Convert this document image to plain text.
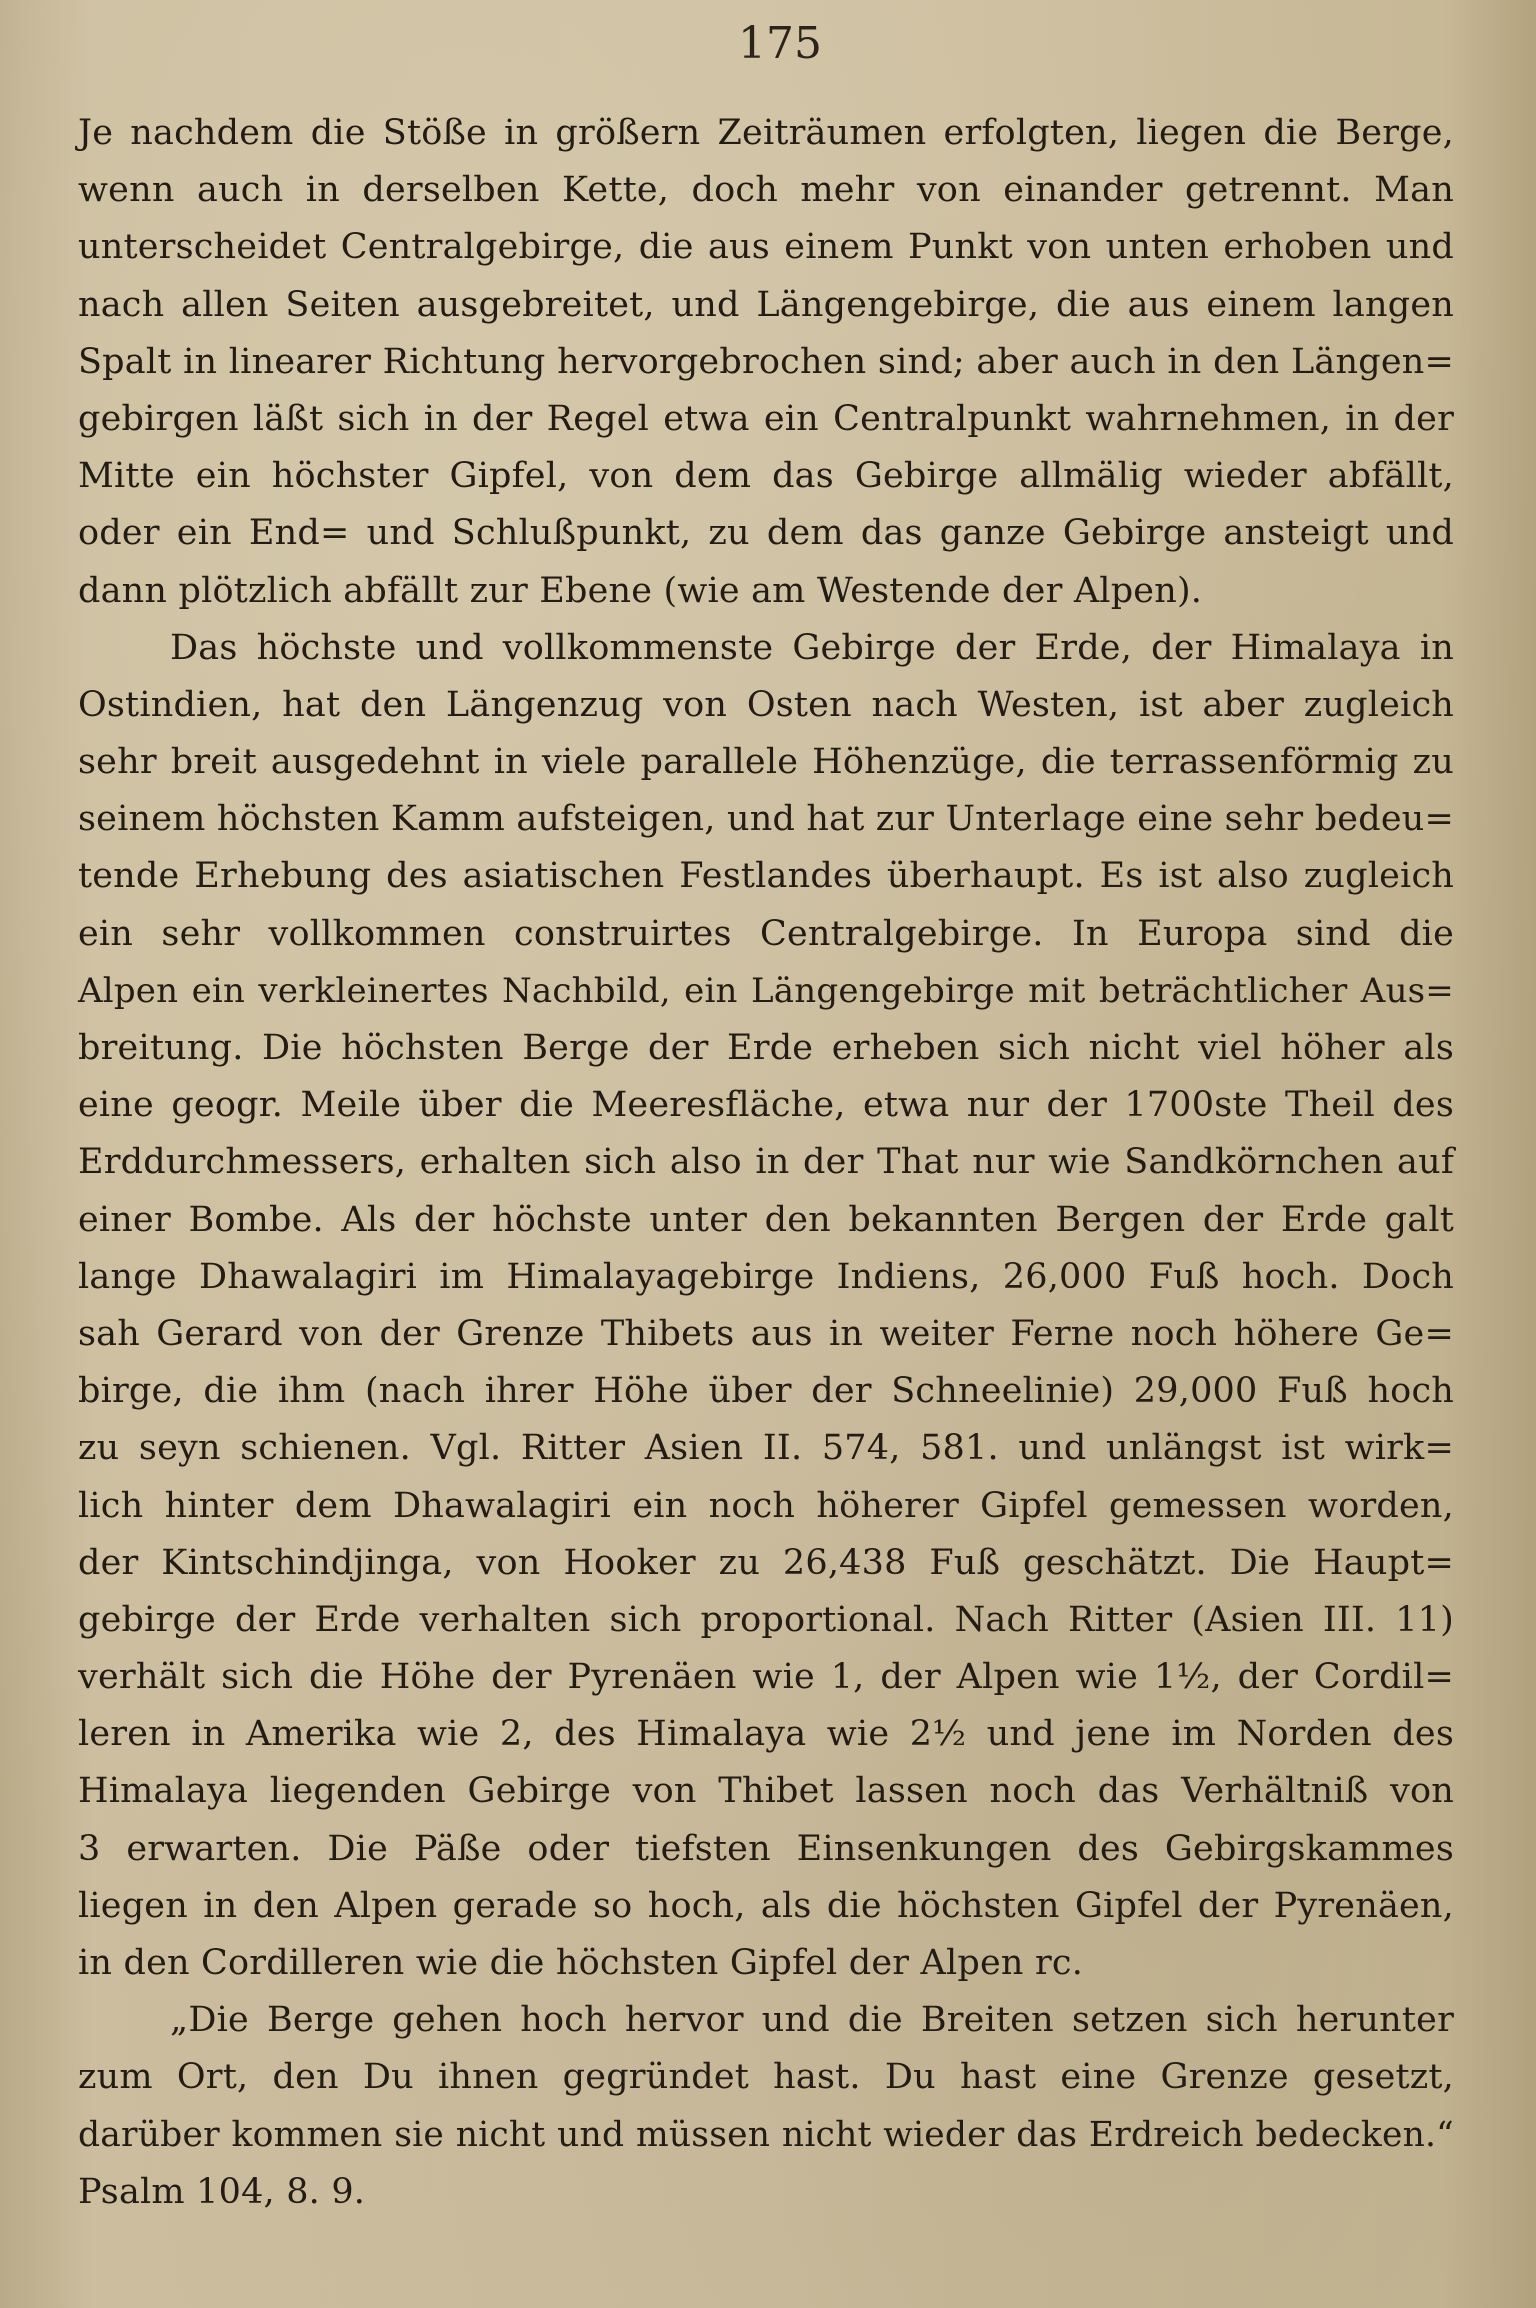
175
Je nachdem die Stöße in größern Zeiträumen erfolgten, liegen die Berge,
wenn auch in derselben Kette, doch mehr von einander getrennt. Man
unterscheidet Centralgebirge, die aus einem Punkt von unten erhoben und
nach allen Seiten ausgebreitet, und Längengebirge, die aus einem langen
Spalt in linearer Richtung hervorgebrochen sind; aber auch in den Längen=
gebirgen läßt sich in der Regel etwa ein Centralpunkt wahrnehmen, in der
Mitte ein höchster Gipfel, von dem das Gebirge allmälig wieder abfällt,
oder ein End= und Schlußpunkt, zu dem das ganze Gebirge ansteigt und
dann plötzlich abfällt zur Ebene (wie am Westende der Alpen).
Das höchste und vollkommenste Gebirge der Erde, der Himalaya in
Ostindien, hat den Längenzug von Osten nach Westen, ist aber zugleich
sehr breit ausgedehnt in viele parallele Höhenzüge, die terrassenförmig zu
seinem höchsten Kamm aufsteigen, und hat zur Unterlage eine sehr bedeu=
tende Erhebung des asiatischen Festlandes überhaupt. Es ist also zugleich
ein sehr vollkommen construirtes Centralgebirge. In Europa sind die
Alpen ein verkleinertes Nachbild, ein Längengebirge mit beträchtlicher Aus=
breitung. Die höchsten Berge der Erde erheben sich nicht viel höher als
eine geogr. Meile über die Meeresfläche, etwa nur der 1700ste Theil des
Erddurchmessers, erhalten sich also in der That nur wie Sandkörnchen auf
einer Bombe. Als der höchste unter den bekannten Bergen der Erde galt
lange Dhawalagiri im Himalayagebirge Indiens, 26,000 Fuß hoch. Doch
sah Gerard von der Grenze Thibets aus in weiter Ferne noch höhere Ge=
birge, die ihm (nach ihrer Höhe über der Schneelinie) 29,000 Fuß hoch
zu seyn schienen. Vgl. Ritter Asien II. 574, 581. und unlängst ist wirk=
lich hinter dem Dhawalagiri ein noch höherer Gipfel gemessen worden,
der Kintschindjinga, von Hooker zu 26,438 Fuß geschätzt. Die Haupt=
gebirge der Erde verhalten sich proportional. Nach Ritter (Asien III. 11)
verhält sich die Höhe der Pyrenäen wie 1, der Alpen wie 1½, der Cordil=
leren in Amerika wie 2, des Himalaya wie 2½ und jene im Norden des
Himalaya liegenden Gebirge von Thibet lassen noch das Verhältniß von
3 erwarten. Die Päße oder tiefsten Einsenkungen des Gebirgskammes
liegen in den Alpen gerade so hoch, als die höchsten Gipfel der Pyrenäen,
in den Cordilleren wie die höchsten Gipfel der Alpen rc.
„Die Berge gehen hoch hervor und die Breiten setzen sich herunter
zum Ort, den Du ihnen gegründet hast. Du hast eine Grenze gesetzt,
darüber kommen sie nicht und müssen nicht wieder das Erdreich bedecken.“
Psalm 104, 8. 9.
